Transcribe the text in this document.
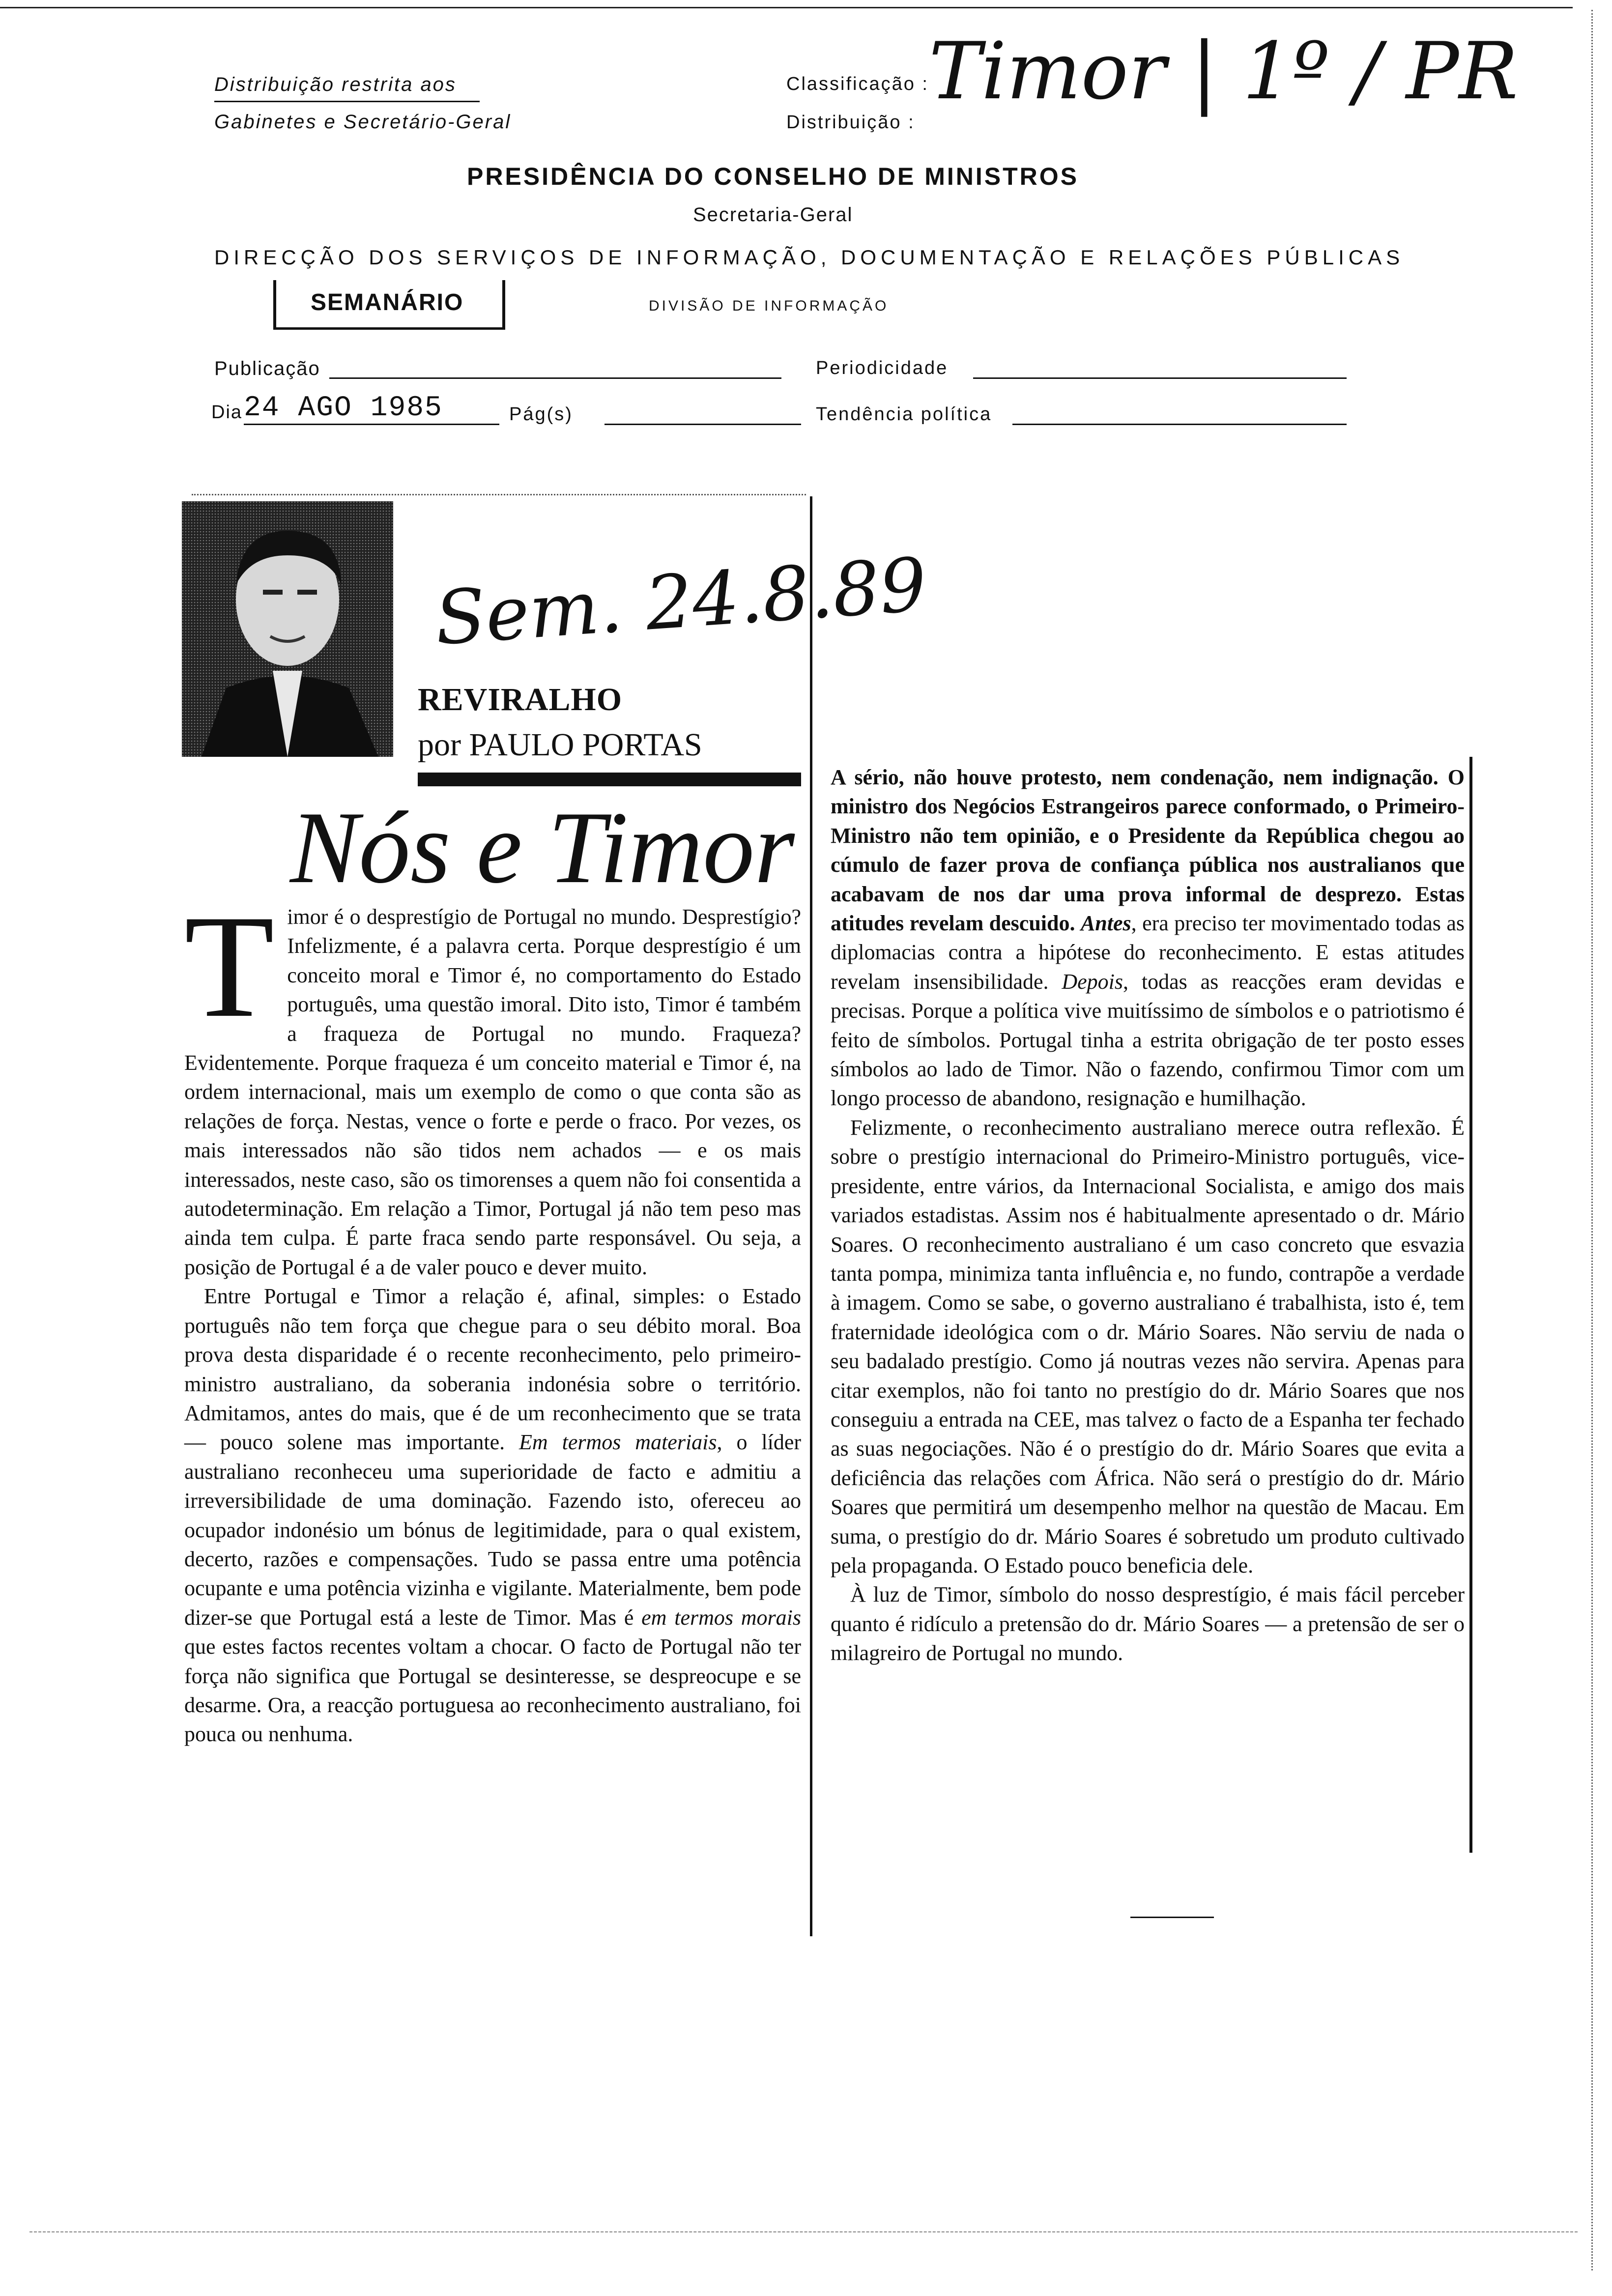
Distribuição restrita aos
Gabinetes e Secretário-Geral
Classificação :
Distribuição :
Timor | 1º / PR
PRESIDÊNCIA DO CONSELHO DE MINISTROS
Secretaria-Geral
DIRECÇÃO DOS SERVIÇOS DE INFORMAÇÃO, DOCUMENTAÇÃO E RELAÇÕES PÚBLICAS
SEMANÁRIO	DIVISÃO DE INFORMAÇÃO
Publicação	Periodicidade
Dia 24 AGO 1985	Pág(s)	Tendência política
Sem. 24.8.89
REVIRALHO
por PAULO PORTAS
Nós e Timor
T imor é o desprestígio de Portugal no mundo. Desprestígio? Infelizmente, é a palavra certa. Porque desprestígio é um conceito moral e Timor é, no comportamento do Estado português, uma questão imoral. Dito isto, Timor é também a fraqueza de Portugal no mundo. Fraqueza? Evidentemente. Porque fraqueza é um conceito material e Timor é, na ordem internacional, mais um exemplo de como o que conta são as relações de força. Nestas, vence o forte e perde o fraco. Por vezes, os mais interessados não são tidos nem achados — e os mais interessados, neste caso, são os timorenses a quem não foi consentida a autodeterminação. Em relação a Timor, Portugal já não tem peso mas ainda tem culpa. É parte fraca sendo parte responsável. Ou seja, a posição de Portugal é a de valer pouco e dever muito.

Entre Portugal e Timor a relação é, afinal, simples: o Estado português não tem força que chegue para o seu débito moral. Boa prova desta disparidade é o recente reconhecimento, pelo primeiro-ministro australiano, da soberania indonésia sobre o território. Admitamos, antes do mais, que é de um reconhecimento que se trata — pouco solene mas importante. Em termos materiais, o líder australiano reconheceu uma superioridade de facto e admitiu a irreversibilidade de uma dominação. Fazendo isto, ofereceu ao ocupador indonésio um bónus de legitimidade, para o qual existem, decerto, razões e compensações. Tudo se passa entre uma potência ocupante e uma potência vizinha e vigilante. Materialmente, bem pode dizer-se que Portugal está a leste de Timor. Mas é em termos morais que estes factos recentes voltam a chocar. O facto de Portugal não ter força não significa que Portugal se desinteresse, se despreocupe e se desarme. Ora, a reacção portuguesa ao reconhecimento australiano, foi pouca ou nenhuma.

A sério, não houve protesto, nem condenação, nem indignação. O ministro dos Negócios Estrangeiros parece conformado, o Primeiro-Ministro não tem opinião, e o Presidente da República chegou ao cúmulo de fazer prova de confiança pública nos australianos que acabavam de nos dar uma prova informal de desprezo. Estas atitudes revelam descuido. Antes, era preciso ter movimentado todas as diplomacias contra a hipótese do reconhecimento. E estas atitudes revelam insensibilidade. Depois, todas as reacções eram devidas e precisas. Porque a política vive muitíssimo de símbolos e o patriotismo é feito de símbolos. Portugal tinha a estrita obrigação de ter posto esses símbolos ao lado de Timor. Não o fazendo, confirmou Timor com um longo processo de abandono, resignação e humilhação.

Felizmente, o reconhecimento australiano merece outra reflexão. É sobre o prestígio internacional do Primeiro-Ministro português, vice-presidente, entre vários, da Internacional Socialista, e amigo dos mais variados estadistas. Assim nos é habitualmente apresentado o dr. Mário Soares. O reconhecimento australiano é um caso concreto que esvazia tanta pompa, minimiza tanta influência e, no fundo, contrapõe a verdade à imagem. Como se sabe, o governo australiano é trabalhista, isto é, tem fraternidade ideológica com o dr. Mário Soares. Não serviu de nada o seu badalado prestígio. Como já noutras vezes não servira. Apenas para citar exemplos, não foi tanto no prestígio do dr. Mário Soares que nos conseguiu a entrada na CEE, mas talvez o facto de a Espanha ter fechado as suas negociações. Não é o prestígio do dr. Mário Soares que evita a deficiência das relações com África. Não será o prestígio do dr. Mário Soares que permitirá um desempenho melhor na questão de Macau. Em suma, o prestígio do dr. Mário Soares é sobretudo um produto cultivado pela propaganda. O Estado pouco beneficia dele.

À luz de Timor, símbolo do nosso desprestígio, é mais fácil perceber quanto é ridículo a pretensão do dr. Mário Soares — a pretensão de ser o milagreiro de Portugal no mundo.
